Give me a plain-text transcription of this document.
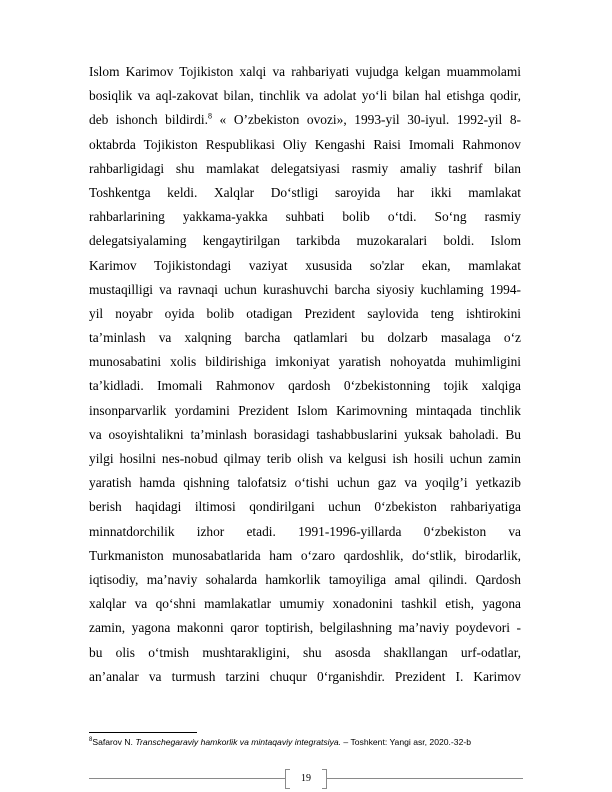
Islom Karimov Tojikiston xalqi va rahbariyati vujudga kelgan muammolami
bosiqlik va aql-zakovat bilan, tinchlik va adolat yo‘li bilan hal etishga qodir,
deb ishonch bildirdi.$^8$ « O’zbekiston ovozi», 1993-yil 30-iyul. 1992-yil 8-
oktabrda Tojikiston Respublikasi Oliy Kengashi Raisi Imomali Rahmonov
rahbarligidagi shu mamlakat delegatsiyasi rasmiy amaliy tashrif bilan
Toshkentga keldi. Xalqlar Do‘stligi saroyida har ikki mamlakat
rahbarlarining yakkama-yakka suhbati bolib o‘tdi. So‘ng rasmiy
delegatsiyalaming kengaytirilgan tarkibda muzokaralari boldi. Islom
Karimov Tojikistondagi vaziyat xususida so'zlar ekan, mamlakat
mustaqilligi va ravnaqi uchun kurashuvchi barcha siyosiy kuchlaming 1994-
yil noyabr oyida bolib otadigan Prezident saylovida teng ishtirokini
ta’minlash va xalqning barcha qatlamlari bu dolzarb masalaga o‘z
munosabatini xolis bildirishiga imkoniyat yaratish nohoyatda muhimligini
ta’kidladi. Imomali Rahmonov qardosh 0‘zbekistonning tojik xalqiga
insonparvarlik yordamini Prezident Islom Karimovning mintaqada tinchlik
va osoyishtalikni ta’minlash borasidagi tashabbuslarini yuksak baholadi. Bu
yilgi hosilni nes-nobud qilmay terib olish va kelgusi ish hosili uchun zamin
yaratish hamda qishning talofatsiz o‘tishi uchun gaz va yoqilg’i yetkazib
berish haqidagi iltimosi qondirilgani uchun 0‘zbekiston rahbariyatiga
minnatdorchilik izhor etadi. 1991-1996-yillarda 0‘zbekiston va
Turkmaniston munosabatlarida ham o‘zaro qardoshlik, do‘stlik, birodarlik,
iqtisodiy, ma’naviy sohalarda hamkorlik tamoyiliga amal qilindi. Qardosh
xalqlar va qo‘shni mamlakatlar umumiy xonadonini tashkil etish, yagona
zamin, yagona makonni qaror toptirish, belgilashning ma’naviy poydevori -
bu olis o‘tmish mushtarakligini, shu asosda shakllangan urf-odatlar,
an’analar va turmush tarzini chuqur 0‘rganishdir. Prezident I. Karimov
$^8$Safarov N. Transchegaraviy hamkorlik va mintaqaviy integratsiya. – Toshkent: Yangi asr, 2020.-32-b
19
